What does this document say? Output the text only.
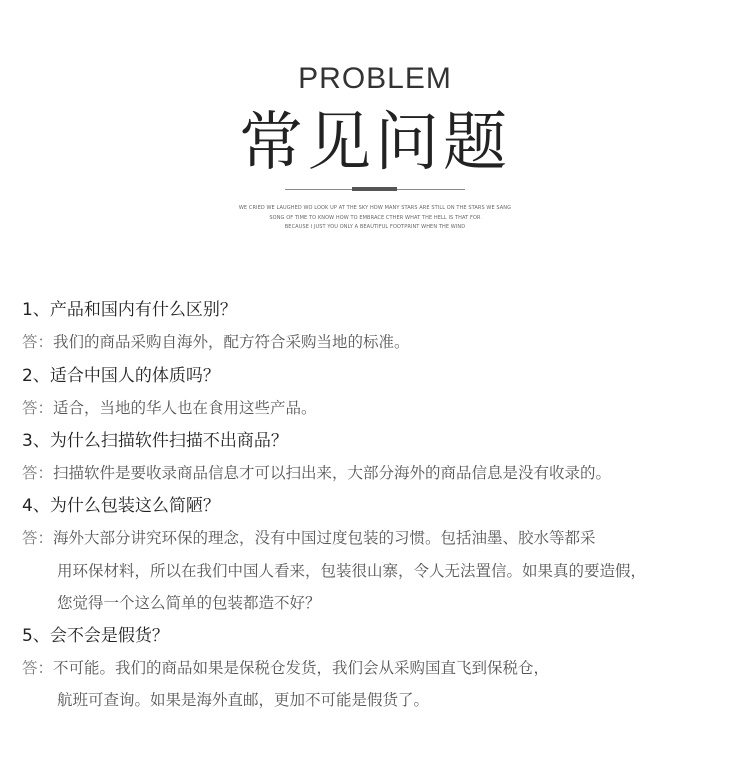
PROBLEM
常见问题
WE CRIED WE LAUGHED WO LOOK UP AT THE SKY HOW MANY STARS ARE STILL ON THE STARS WE SANG
SONG OF TIME TO KNOW HOW TO EMBRACE CTHER WHAT THE HELL IS THAT FOR
BECAUSE I JUST YOU ONLY A BEAUTIFUL FOOTPRINT WHEN THE WIND
1、产品和国内有什么区别？
答：我们的商品采购自海外，配方符合采购当地的标准。
2、适合中国人的体质吗？
答：适合，当地的华人也在食用这些产品。
3、为什么扫描软件扫描不出商品？
答：扫描软件是要收录商品信息才可以扫出来，大部分海外的商品信息是没有收录的。
4、为什么包装这么简陋？
答：海外大部分讲究环保的理念，没有中国过度包装的习惯。包括油墨、胶水等都采
用环保材料，所以在我们中国人看来，包装很山寨，令人无法置信。如果真的要造假，
您觉得一个这么简单的包装都造不好？
5、会不会是假货？
答：不可能。我们的商品如果是保税仓发货，我们会从采购国直飞到保税仓，
航班可查询。如果是海外直邮，更加不可能是假货了。
